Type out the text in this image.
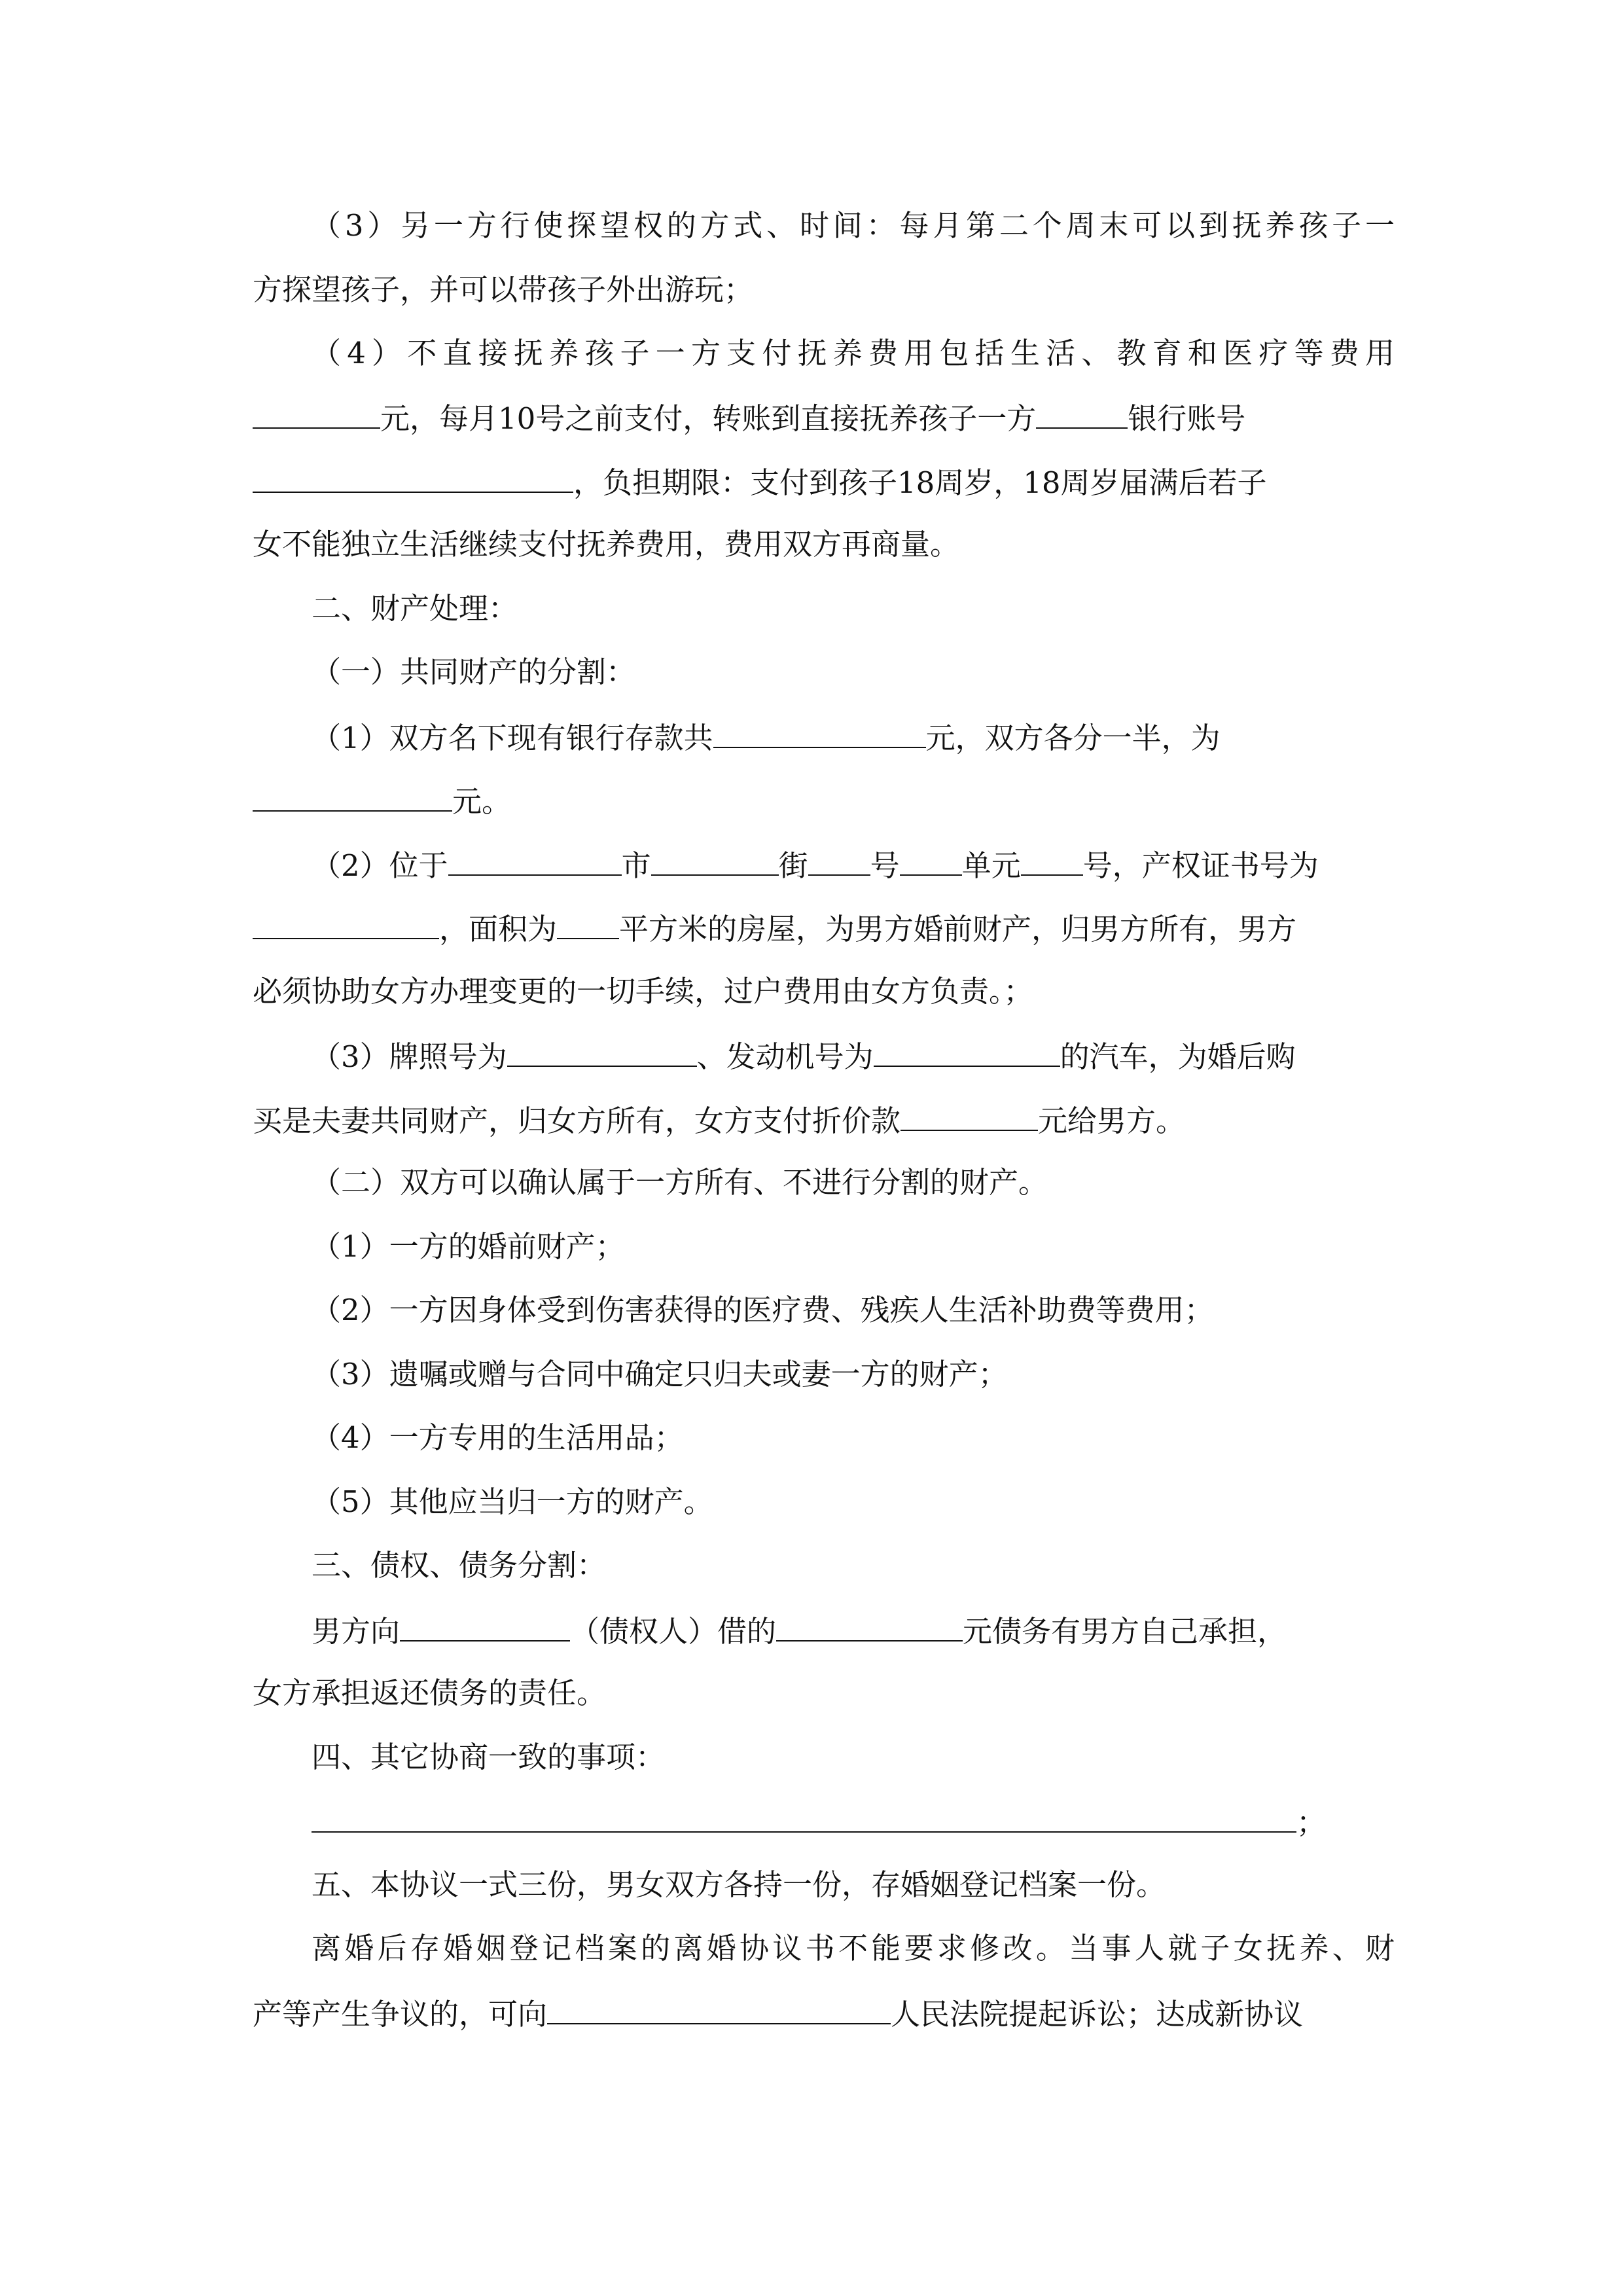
（3）另一方行使探望权的方式、时间：每月第二个周末可以到抚养孩子一
方探望孩子，并可以带孩子外出游玩；
（4）不直接抚养孩子一方支付抚养费用包括生活、教育和医疗等费用
元，每月10号之前支付，转账到直接抚养孩子一方	银行账号
，负担期限：支付到孩子18周岁，18周岁届满后若子
女不能独立生活继续支付抚养费用，费用双方再商量。
二、财产处理：
（一）共同财产的分割：
（1）双方名下现有银行存款共	元，双方各分一半，为
元。
（2）位于	市	街 号 单元 号，产权证书号为
，面积为 平方米的房屋，为男方婚前财产，归男方所有，男方
必须协助女方办理变更的一切手续，过户费用由女方负责。；
（3）牌照号为	、发动机号为	的汽车，为婚后购
买是夫妻共同财产，归女方所有，女方支付折价款	元给男方。
（二）双方可以确认属于一方所有、不进行分割的财产。
（1）一方的婚前财产；
（2）一方因身体受到伤害获得的医疗费、残疾人生活补助费等费用；
（3）遗嘱或赠与合同中确定只归夫或妻一方的财产；
（4）一方专用的生活用品；
（5）其他应当归一方的财产。
三、债权、债务分割：
男方向	（债权人）借的	元债务有男方自己承担，
女方承担返还债务的责任。
四、其它协商一致的事项：
；
五、本协议一式三份，男女双方各持一份，存婚姻登记档案一份。
离婚后存婚姻登记档案的离婚协议书不能要求修改。当事人就子女抚养、财
产等产生争议的，可向	人民法院提起诉讼；达成新协议
